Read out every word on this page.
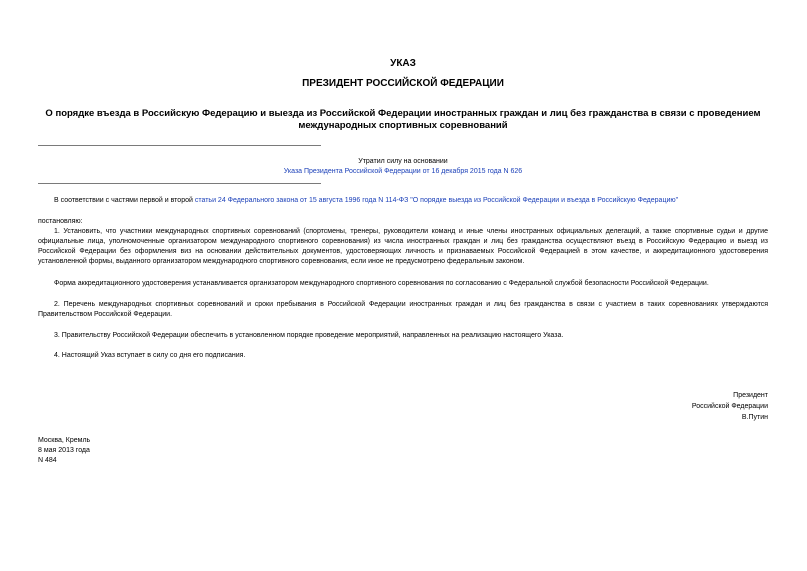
УКАЗ
ПРЕЗИДЕНТ РОССИЙСКОЙ ФЕДЕРАЦИИ
О порядке въезда в Российскую Федерацию и выезда из Российской Федерации иностранных граждан и лиц без гражданства в связи с проведением международных спортивных соревнований
Утратил силу на основании
Указа Президента Российской Федерации от 16 декабря 2015 года N 626
В соответствии с частями первой и второй статьи 24 Федерального закона от 15 августа 1996 года N 114-ФЗ "О порядке выезда из Российской Федерации и въезда в Российскую Федерацию"
постановляю:
1. Установить, что участники международных спортивных соревнований (спортсмены, тренеры, руководители команд и иные члены иностранных официальных делегаций, а также спортивные судьи и другие официальные лица, уполномоченные организатором международного спортивного соревнования) из числа иностранных граждан и лиц без гражданства осуществляют въезд в Российскую Федерацию и выезд из Российской Федерации без оформления виз на основании действительных документов, удостоверяющих личность и признаваемых Российской Федерацией в этом качестве, и аккредитационного удостоверения установленной формы, выданного организатором международного спортивного соревнования, если иное не предусмотрено федеральным законом.
Форма аккредитационного удостоверения устанавливается организатором международного спортивного соревнования по согласованию с Федеральной службой безопасности Российской Федерации.
2. Перечень международных спортивных соревнований и сроки пребывания в Российской Федерации иностранных граждан и лиц без гражданства в связи с участием в таких соревнованиях утверждаются Правительством Российской Федерации.
3. Правительству Российской Федерации обеспечить в установленном порядке проведение мероприятий, направленных на реализацию настоящего Указа.
4. Настоящий Указ вступает в силу со дня его подписания.
Президент
Российской Федерации
В.Путин
Москва, Кремль
8 мая 2013 года
N 484
